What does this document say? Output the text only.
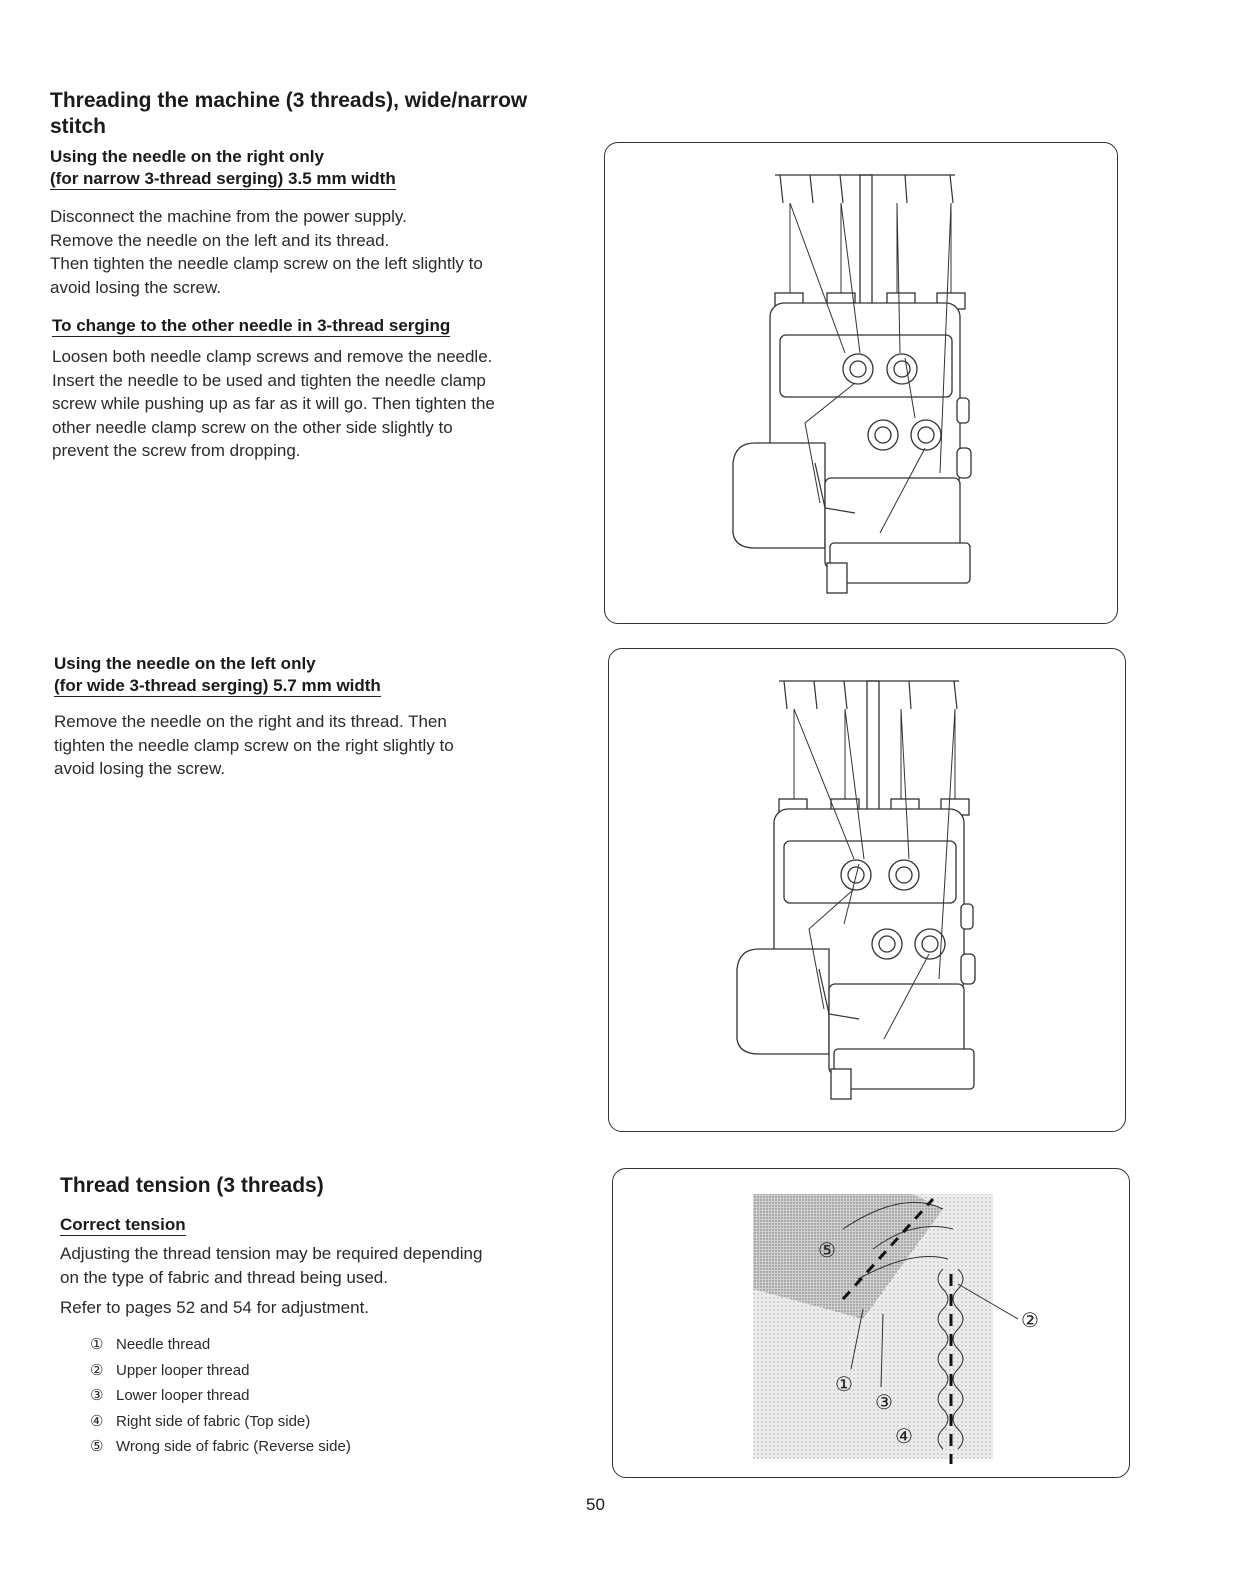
Threading the machine (3 threads), wide/narrow
stitch
Using the needle on the right only
(for narrow 3-thread serging) 3.5 mm width
Disconnect the machine from the power supply.
Remove the needle on the left and its thread.
Then tighten the needle clamp screw on the left slightly to
avoid losing the screw.
To change to the other needle in 3-thread serging
Loosen both needle clamp screws and remove the needle.
Insert the needle to be used and tighten the needle clamp
screw while pushing up as far as it will go. Then tighten the
other needle clamp screw on the other side slightly to
prevent the screw from dropping.
Using the needle on the left only
(for wide 3-thread serging) 5.7 mm width
Remove the needle on the right and its thread. Then
tighten the needle clamp screw on the right slightly to
avoid losing the screw.
Thread tension (3 threads)
Correct tension
Adjusting the thread tension may be required depending
on the type of fabric and thread being used.
Refer to pages 52 and 54 for adjustment.
① Needle thread
② Upper looper thread
③ Lower looper thread
④ Right side of fabric (Top side)
⑤ Wrong side of fabric (Reverse side)
⑤
②
①
③
④
50
